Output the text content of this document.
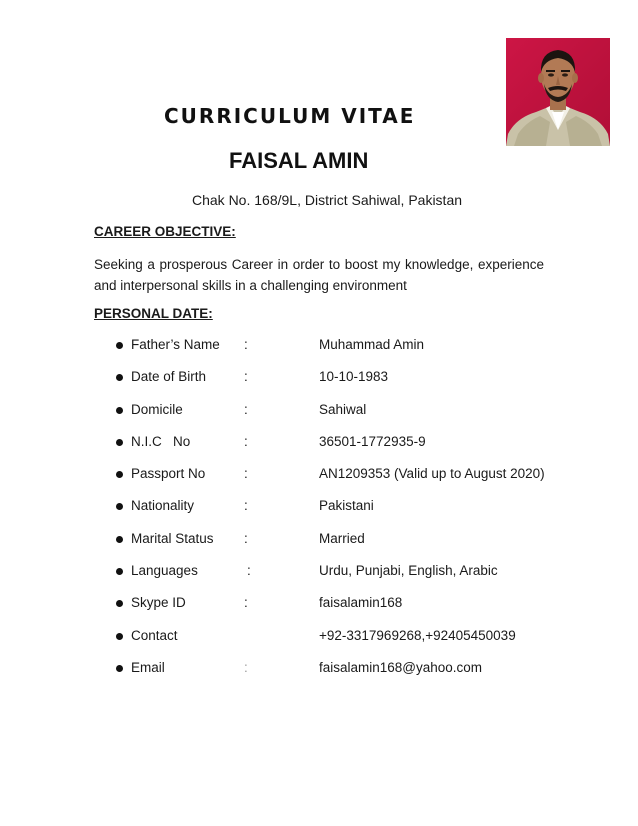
CURRICULUM VITAE
FAISAL AMIN
Chak No. 168/9L, District Sahiwal, Pakistan
CAREER OBJECTIVE:
Seeking a prosperous Career in order to boost my knowledge, experience and interpersonal skills in a challenging environment
PERSONAL DATE:
Father’s Name :	Muhammad Amin
Date of Birth	:	10-10-1983
Domicile	:	Sahiwal
N.I.C   No	:	36501-1772935-9
Passport No	:	AN1209353 (Valid up to August 2020)
Nationality	:	Pakistani
Marital Status :	Married
Languages	:	Urdu, Punjabi, English, Arabic
Skype ID	:	faisalamin168
Contact	+92-3317969268,+92405450039
Email	:	faisalamin168@yahoo.com
